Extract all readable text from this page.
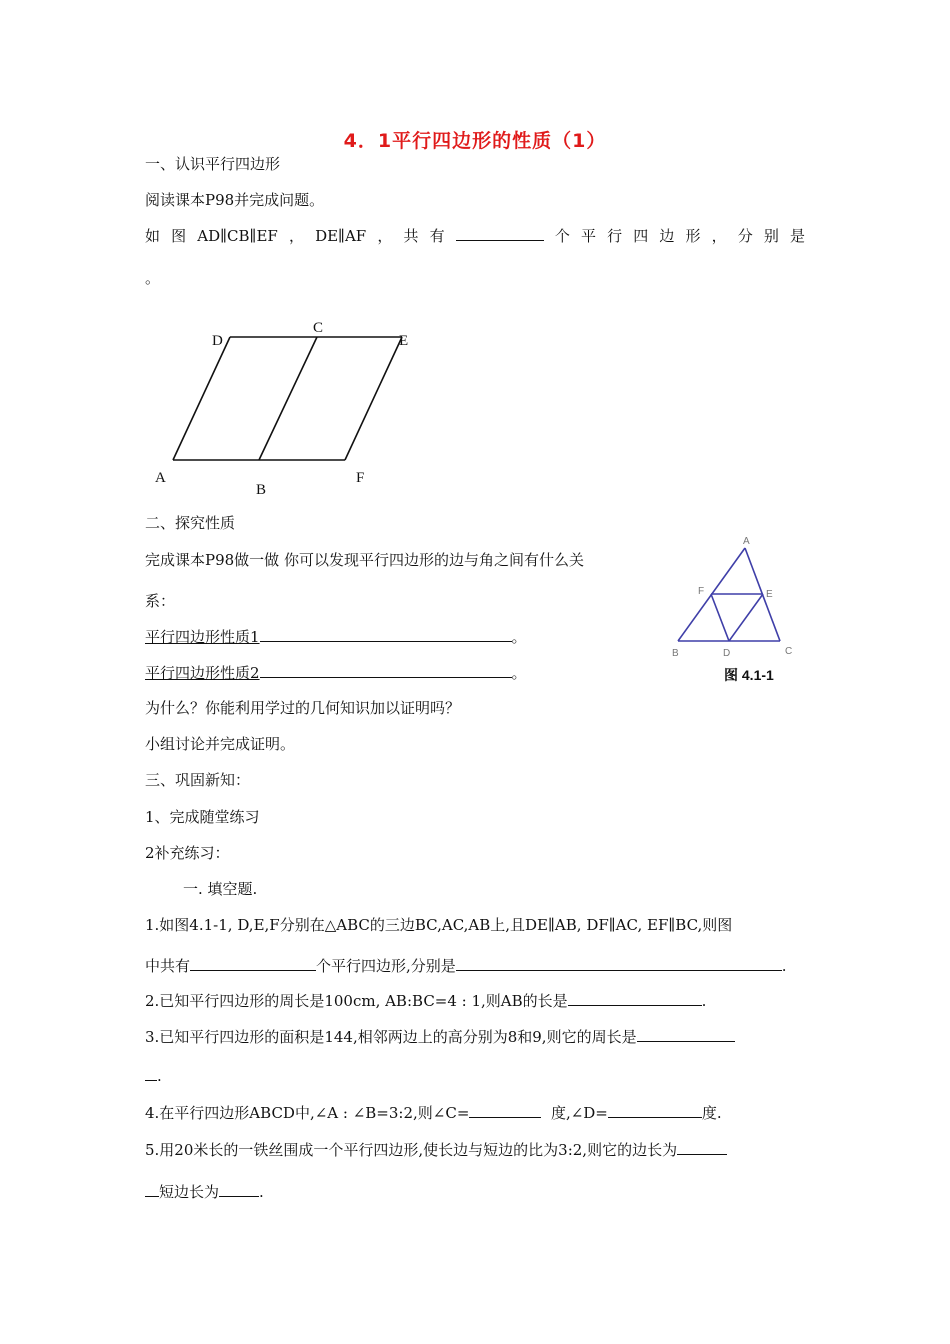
4．1平行四边形的性质（1）
一、认识平行四边形
阅读课本P98并完成问题。
如 图 AD∥CB∥EF ， DE∥AF ， 共 有	个 平 行 四 边 形 ， 分 别 是
。
D
C
E
A
B
F
二、探究性质
完成课本P98做一做 你可以发现平行四边形的边与角之间有什么关
系：
平行四边形性质1	。
平行四边形性质2	。
为什么？你能利用学过的几何知识加以证明吗？
小组讨论并完成证明。
A
F	E
B	D	C
图 4.1-1
三、巩固新知：
1、完成随堂练习
2补充练习：
一. 填空题.
1.如图4.1-1, D,E,F分别在△ABC的三边BC,AC,AB上,且DE∥AB, DF∥AC, EF∥BC,则图
中共有	个平行四边形,分别是	.
2.已知平行四边形的周长是100cm, AB:BC=4 : 1,则AB的长是	.
3.已知平行四边形的面积是144,相邻两边上的高分别为8和9,则它的周长是
.
4.在平行四边形ABCD中,∠A : ∠B=3:2,则∠C=	度,∠D=	度.
5.用20米长的一铁丝围成一个平行四边形,使长边与短边的比为3:2,则它的边长为
短边长为	.
